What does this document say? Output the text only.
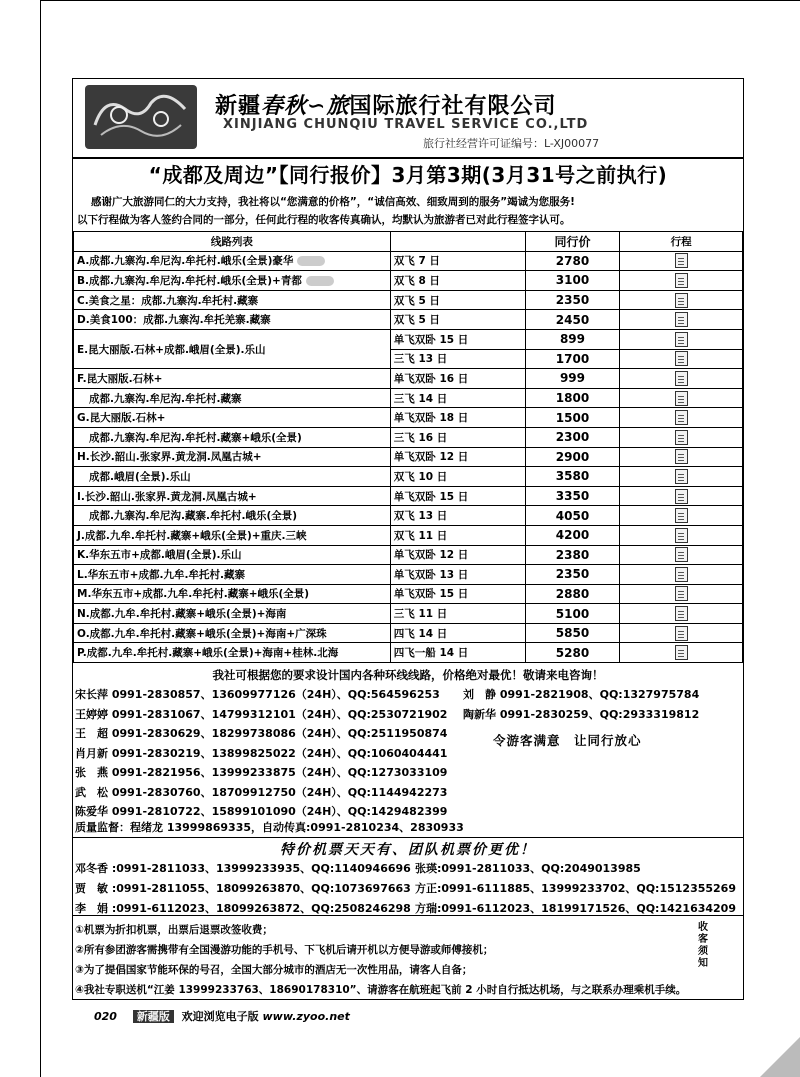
新疆春秋∽旅国际旅行社有限公司
XINJIANG CHUNQIU TRAVEL SERVICE CO.,LTD
旅行社经营许可证编号：L-XJ00077
“成都及周边”【同行报价】3月第3期(3月31号之前执行)
感谢广大旅游同仁的大力支持，我社将以“您满意的价格”，“诚信高效、细致周到的服务”竭诚为您服务!
以下行程做为客人签约合同的一部分，任何此行程的收客传真确认，均默认为旅游者已对此行程签字认可。
线路列表		同行价	行程
A.成都.九寨沟.牟尼沟.牟托村.峨乐(全景)豪华	双飞 7 日	2780	
B.成都.九寨沟.牟尼沟.牟托村.峨乐(全景)+青都	双飞 8 日	3100	
C.美食之星：成都.九寨沟.牟托村.藏寨	双飞 5 日	2350	
D.美食100：成都.九寨沟.牟托羌寨.藏寨	双飞 5 日	2450	
E.昆大丽版.石林+成都.峨眉(全景).乐山	单飞双卧 15 日	899	
	三飞 13 日	1700	
F.昆大丽版.石林+	单飞双卧 16 日	999	
成都.九寨沟.牟尼沟.牟托村.藏寨	三飞 14 日	1800	
G.昆大丽版.石林+	单飞双卧 18 日	1500	
成都.九寨沟.牟尼沟.牟托村.藏寨+峨乐(全景)	三飞 16 日	2300	
H.长沙.韶山.张家界.黄龙洞.凤凰古城+	单飞双卧 12 日	2900	
成都.峨眉(全景).乐山	双飞 10 日	3580	
I.长沙.韶山.张家界.黄龙洞.凤凰古城+	单飞双卧 15 日	3350	
成都.九寨沟.牟尼沟.藏寨.牟托村.峨乐(全景)	双飞 13 日	4050	
J.成都.九牟.牟托村.藏寨+峨乐(全景)+重庆.三峡	双飞 11 日	4200	
K.华东五市+成都.峨眉(全景).乐山	单飞双卧 12 日	2380	
L.华东五市+成都.九牟.牟托村.藏寨	单飞双卧 13 日	2350	
M.华东五市+成都.九牟.牟托村.藏寨+峨乐(全景)	单飞双卧 15 日	2880	
N.成都.九牟.牟托村.藏寨+峨乐(全景)+海南	三飞 11 日	5100	
O.成都.九牟.牟托村.藏寨+峨乐(全景)+海南+广深珠	四飞 14 日	5850	
P.成都.九牟.牟托村.藏寨+峨乐(全景)+海南+桂林.北海	四飞一船 14 日	5280	
我社可根据您的要求设计国内各种环线线路，价格绝对最优！敬请来电咨询！
宋长萍 0991-2830857、13609977126（24H）、QQ:564596253
王婷婷 0991-2831067、14799312101（24H）、QQ:2530721902
王　超 0991-2830629、18299738086（24H）、QQ:2511950874
肖月新 0991-2830219、13899825022（24H）、QQ:1060404441
张　燕 0991-2821956、13999233875（24H）、QQ:1273033109
武　松 0991-2830760、18709912750（24H）、QQ:1144942273
陈爱华 0991-2810722、15899101090（24H）、QQ:1429482399
刘　静 0991-2821908、QQ:1327975784
陶新华 0991-2830259、QQ:2933319812
令游客满意　让同行放心
质量监督：程绪龙 13999869335，自动传真:0991-2810234、2830933
特价机票天天有、团队机票价更优！
邓冬香 :0991-2811033、13999233935、QQ:1140946696
贾　敏 :0991-2811055、18099263870、QQ:1073697663
李　娟 :0991-6112023、18099263872、QQ:2508246298
张瑛:0991-2811033、QQ:2049013985
方正:0991-6111885、13999233702、QQ:1512355269
方瑞:0991-6112023、18199171526、QQ:1421634209
①机票为折扣机票，出票后退票改签收费；
②所有参团游客需携带有全国漫游功能的手机号、下飞机后请开机以方便导游或师傅接机；
③为了提倡国家节能环保的号召，全国大部分城市的酒店无一次性用品，请客人自备；
④我社专职送机“江姜 13999233763、18690178310”、请游客在航班起飞前 2 小时自行抵达机场，与之联系办理乘机手续。
收客须知
020 新疆版 欢迎浏览电子版 www.zyoo.net
